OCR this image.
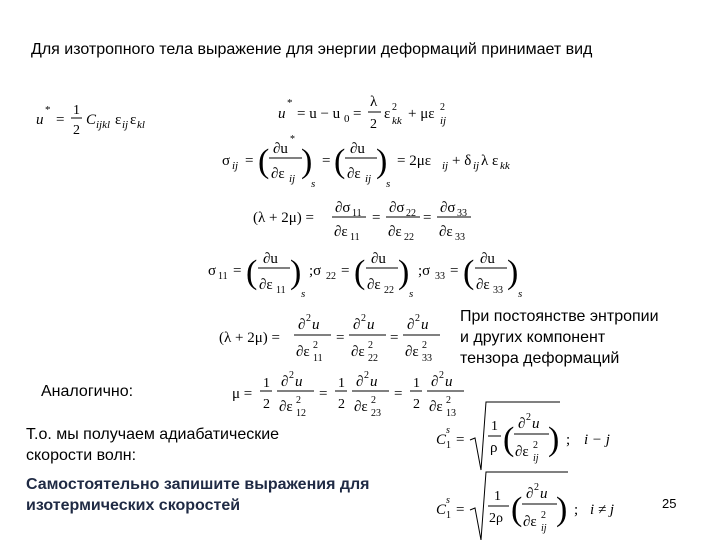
Для изотропного тела выражение для энергии деформаций принимает вид
При постоянстве энтропии
и других компонент
тензора деформаций
Аналогично:
Т.о. мы получаем адиабатические
скорости волн:
Самостоятельно запишите выражения для
изотермических скоростей	25
u
*
=
1
2
C ijkl ε ij ε kl
u
*
= u − u 0 =
λ
2
ε 2
kk + με 2
ij
σ ij = ( ∂u
*
∂ε ij )
s
= ( ∂u
∂ε ij )
s
= 2με ij + δ ij λ ε kk
(λ + 2μ) =
∂σ 11
∂ε 11
=
∂σ 22
∂ε 22
=
∂σ 33
∂ε 33
σ 11 = ( ∂u
∂ε 11 )
s
;σ 22 = ( ∂u
∂ε 22 )
s
;σ 33 = ( ∂u
∂ε 33 )
s
(λ + 2μ) =
∂ 2 u
∂ε 2
11
=
∂ 2 u
∂ε 2
22
=
∂ 2 u
∂ε 2
33
μ =
1
2
∂ 2 u
∂ε 2
12
=
1
2
∂ 2 u
∂ε 2
23
=
1
2
∂ 2 u
∂ε 2
13
C 1
s
=
1
ρ ( ∂ 2 u
∂ε 2
ij
) ; i − j
C 1
s
=
1
2ρ ( ∂ 2 u
∂ε 2
ij
) ; i ≠ j
